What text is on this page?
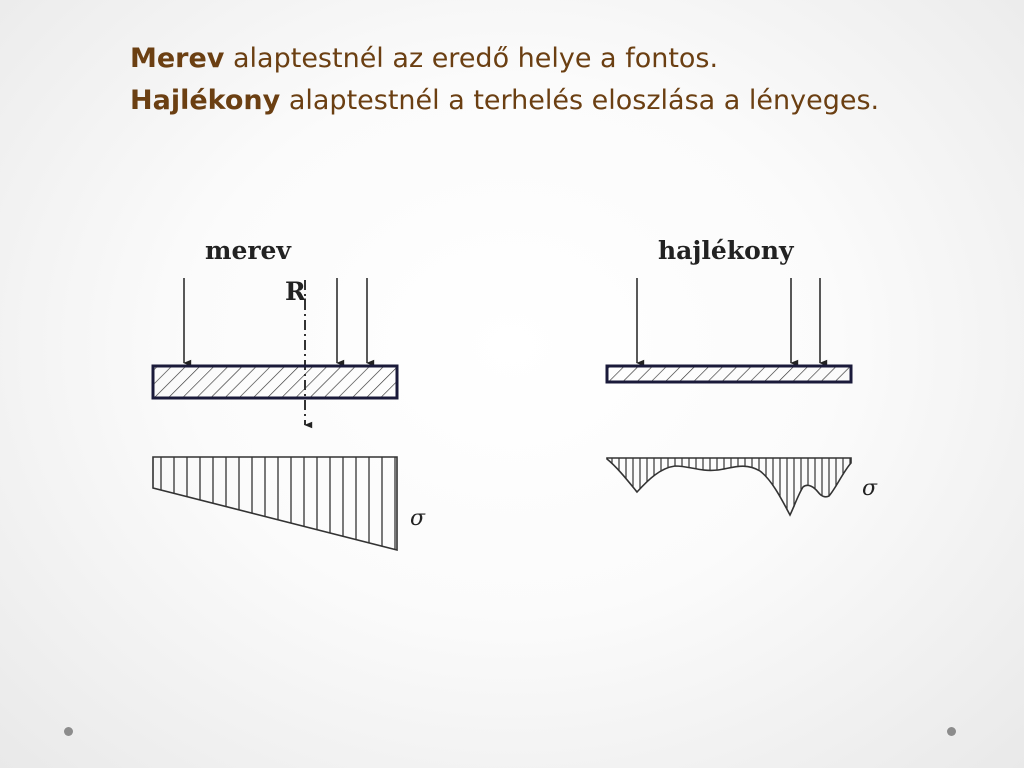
Merev alaptestnél az eredő helye a fontos.

Hajlékony alaptestnél a terhelés eloszlása a lényeges.

merev
R
σ
hajlékony
σ
